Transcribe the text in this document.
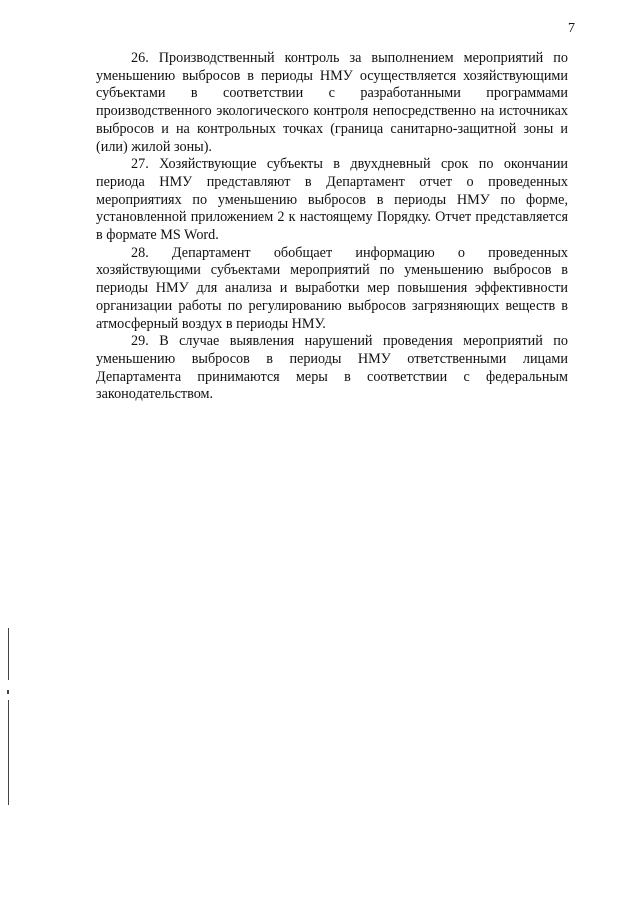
7

26. Производственный контроль за выполнением мероприятий по уменьшению выбросов в периоды НМУ осуществляется хозяйствующими субъектами в соответствии с разработанными программами производственного экологического контроля непосредственно на источниках выбросов и на контрольных точках (граница санитарно-защитной зоны и (или) жилой зоны).

27. Хозяйствующие субъекты в двухдневный срок по окончании периода НМУ представляют в Департамент отчет о проведенных мероприятиях по уменьшению выбросов в периоды НМУ по форме, установленной приложением 2 к настоящему Порядку. Отчет представляется в формате MS Word.

28. Департамент обобщает информацию о проведенных хозяйствующими субъектами мероприятий по уменьшению выбросов в периоды НМУ для анализа и выработки мер повышения эффективности организации работы по регулированию выбросов загрязняющих веществ в атмосферный воздух в периоды НМУ.

29. В случае выявления нарушений проведения мероприятий по уменьшению выбросов в периоды НМУ ответственными лицами Департамента принимаются меры в соответствии с федеральным законодательством.
